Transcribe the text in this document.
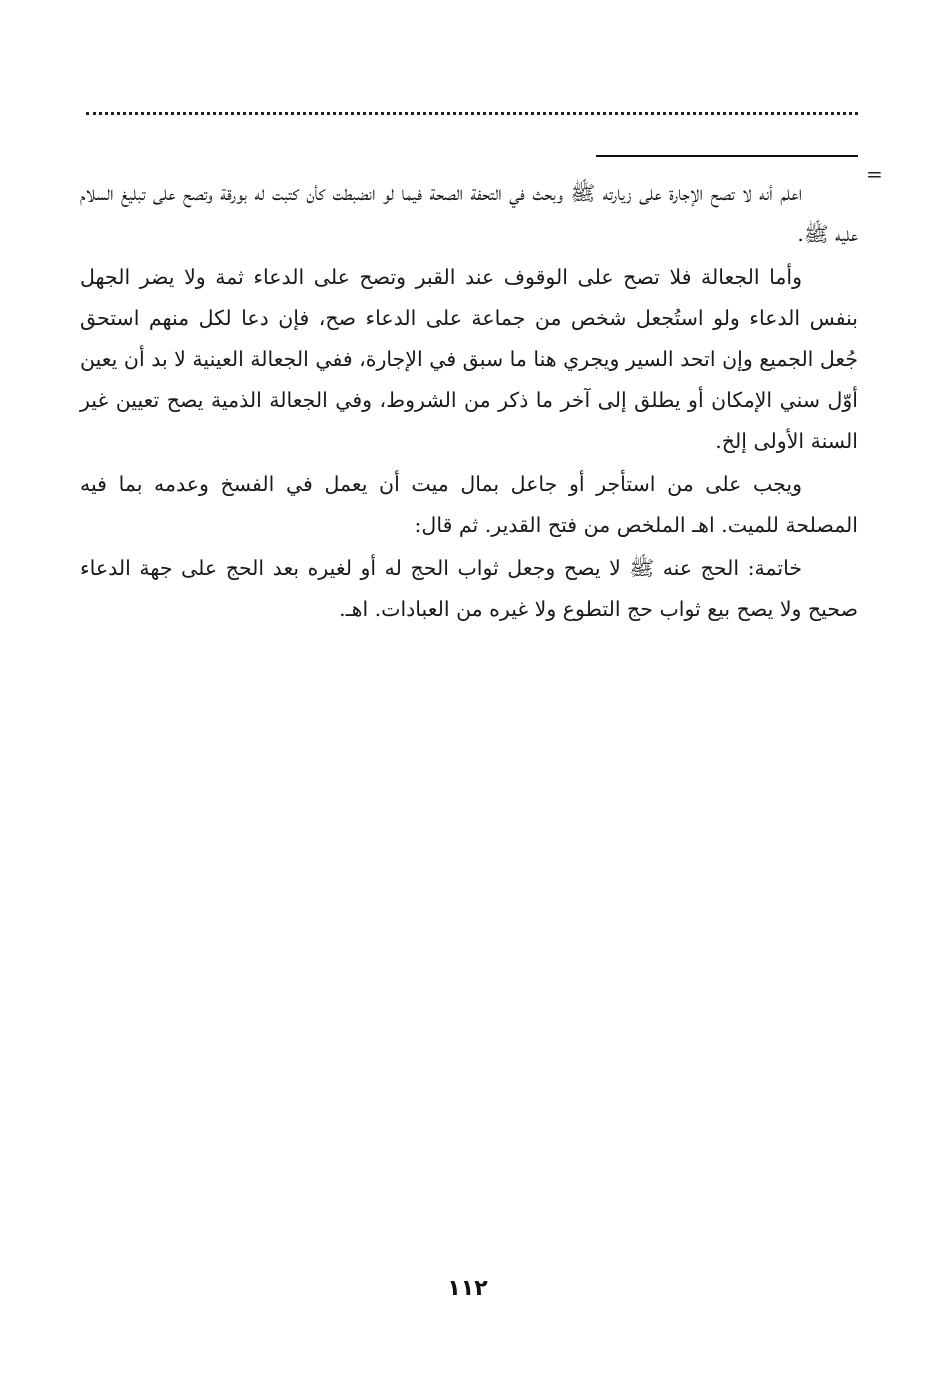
=

اعلم أنه لا تصح الإجارة على زيارته ﷺ وبحث في التحفة الصحة فيما لو انضبطت كأن كتبت له بورقة وتصح على تبليغ السلام عليه ﷺ.

وأما الجعالة فلا تصح على الوقوف عند القبر وتصح على الدعاء ثمة ولا يضر الجهل بنفس الدعاء ولو استُجعل شخص من جماعة على الدعاء صح، فإن دعا لكل منهم استحق جُعل الجميع وإن اتحد السير ويجري هنا ما سبق في الإجارة، ففي الجعالة العينية لا بد أن يعين أوّل سني الإمكان أو يطلق إلى آخر ما ذكر من الشروط، وفي الجعالة الذمية يصح تعيين غير السنة الأولى إلخ.

ويجب على من استأجر أو جاعل بمال ميت أن يعمل في الفسخ وعدمه بما فيه المصلحة للميت. اهـ الملخص من فتح القدير. ثم قال:

خاتمة: الحج عنه ﷺ لا يصح وجعل ثواب الحج له أو لغيره بعد الحج على جهة الدعاء صحيح ولا يصح بيع ثواب حج التطوع ولا غيره من العبادات. اهـ.

١١٢
